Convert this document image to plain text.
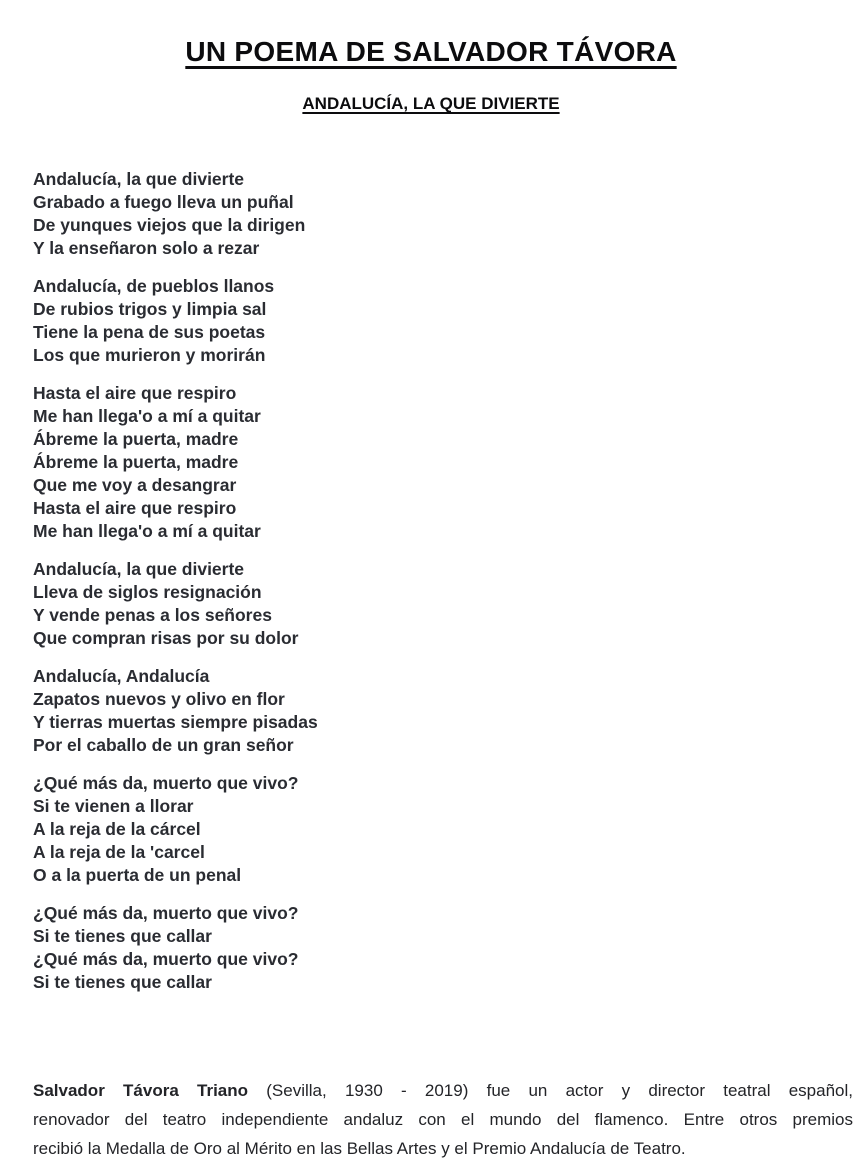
UN POEMA DE SALVADOR TÁVORA
ANDALUCÍA, LA QUE DIVIERTE
Andalucía, la que divierte
Grabado a fuego lleva un puñal
De yunques viejos que la dirigen
Y la enseñaron solo a rezar
Andalucía, de pueblos llanos
De rubios trigos y limpia sal
Tiene la pena de sus poetas
Los que murieron y morirán
Hasta el aire que respiro
Me han llega'o a mí a quitar
Ábreme la puerta, madre
Ábreme la puerta, madre
Que me voy a desangrar
Hasta el aire que respiro
Me han llega'o a mí a quitar
Andalucía, la que divierte
Lleva de siglos resignación
Y vende penas a los señores
Que compran risas por su dolor
Andalucía, Andalucía
Zapatos nuevos y olivo en flor
Y tierras muertas siempre pisadas
Por el caballo de un gran señor
¿Qué más da, muerto que vivo?
Si te vienen a llorar
A la reja de la cárcel
A la reja de la 'carcel
O a la puerta de un penal
¿Qué más da, muerto que vivo?
Si te tienes que callar
¿Qué más da, muerto que vivo?
Si te tienes que callar
Salvador Távora Triano (Sevilla, 1930 - 2019) fue un actor y director teatral español,
renovador del teatro independiente andaluz con el mundo del flamenco. Entre otros premios
recibió la Medalla de Oro al Mérito en las Bellas Artes y el Premio Andalucía de Teatro.
